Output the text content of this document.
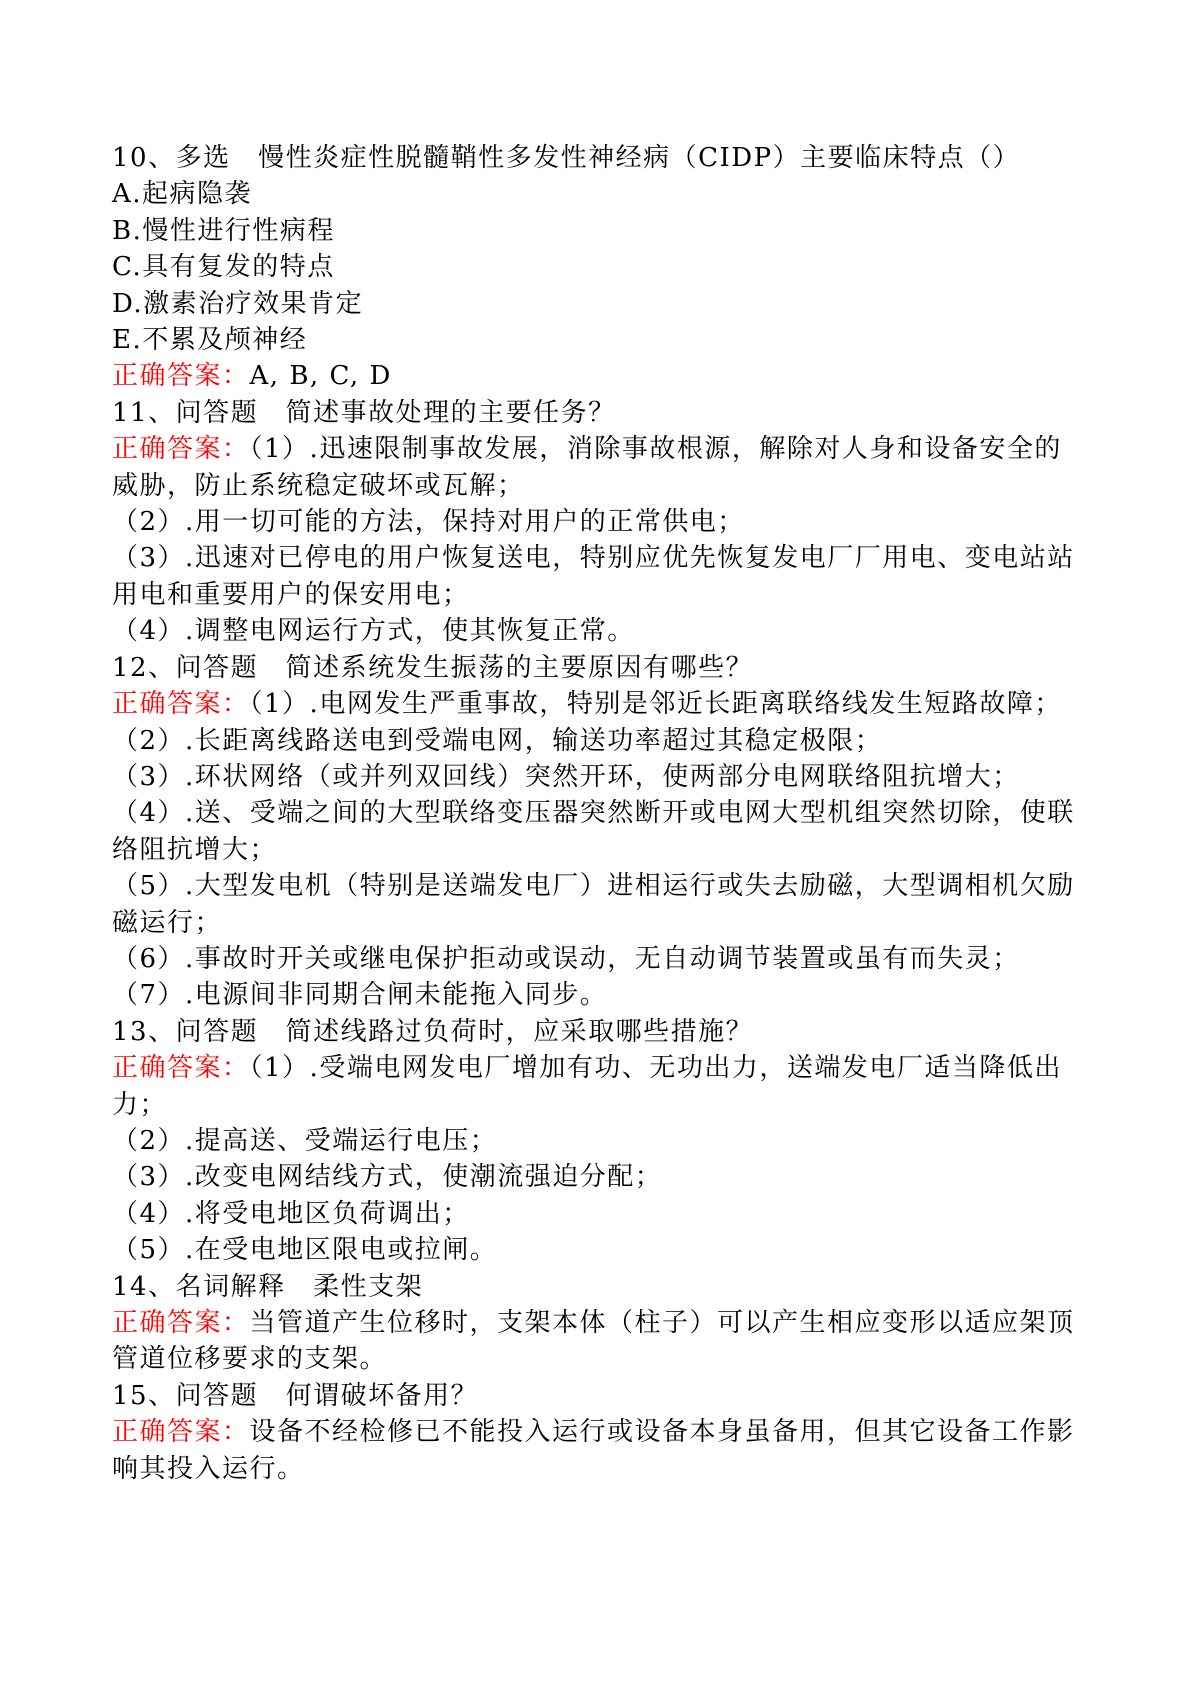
10、多选　慢性炎症性脱髓鞘性多发性神经病（CIDP）主要临床特点（）

A.起病隐袭

B.慢性进行性病程

C.具有复发的特点

D.激素治疗效果肯定

E.不累及颅神经

正确答案：A, B, C, D

11、问答题　简述事故处理的主要任务？

正确答案：（1）.迅速限制事故发展，消除事故根源，解除对人身和设备安全的威胁，防止系统稳定破坏或瓦解；

（2）.用一切可能的方法，保持对用户的正常供电；

（3）.迅速对已停电的用户恢复送电，特别应优先恢复发电厂厂用电、变电站站用电和重要用户的保安用电；

（4）.调整电网运行方式，使其恢复正常。

12、问答题　简述系统发生振荡的主要原因有哪些？

正确答案：（1）.电网发生严重事故，特别是邻近长距离联络线发生短路故障；

（2）.长距离线路送电到受端电网，输送功率超过其稳定极限；

（3）.环状网络（或并列双回线）突然开环，使两部分电网联络阻抗增大；

（4）.送、受端之间的大型联络变压器突然断开或电网大型机组突然切除，使联络阻抗增大；

（5）.大型发电机（特别是送端发电厂）进相运行或失去励磁，大型调相机欠励磁运行；

（6）.事故时开关或继电保护拒动或误动，无自动调节装置或虽有而失灵；

（7）.电源间非同期合闸未能拖入同步。

13、问答题　简述线路过负荷时，应采取哪些措施？

正确答案：（1）.受端电网发电厂增加有功、无功出力，送端发电厂适当降低出力；

（2）.提高送、受端运行电压；

（3）.改变电网结线方式，使潮流强迫分配；

（4）.将受电地区负荷调出；

（5）.在受电地区限电或拉闸。

14、名词解释　柔性支架

正确答案：当管道产生位移时，支架本体（柱子）可以产生相应变形以适应架顶管道位移要求的支架。

15、问答题　何谓破坏备用？

正确答案：设备不经检修已不能投入运行或设备本身虽备用，但其它设备工作影响其投入运行。
